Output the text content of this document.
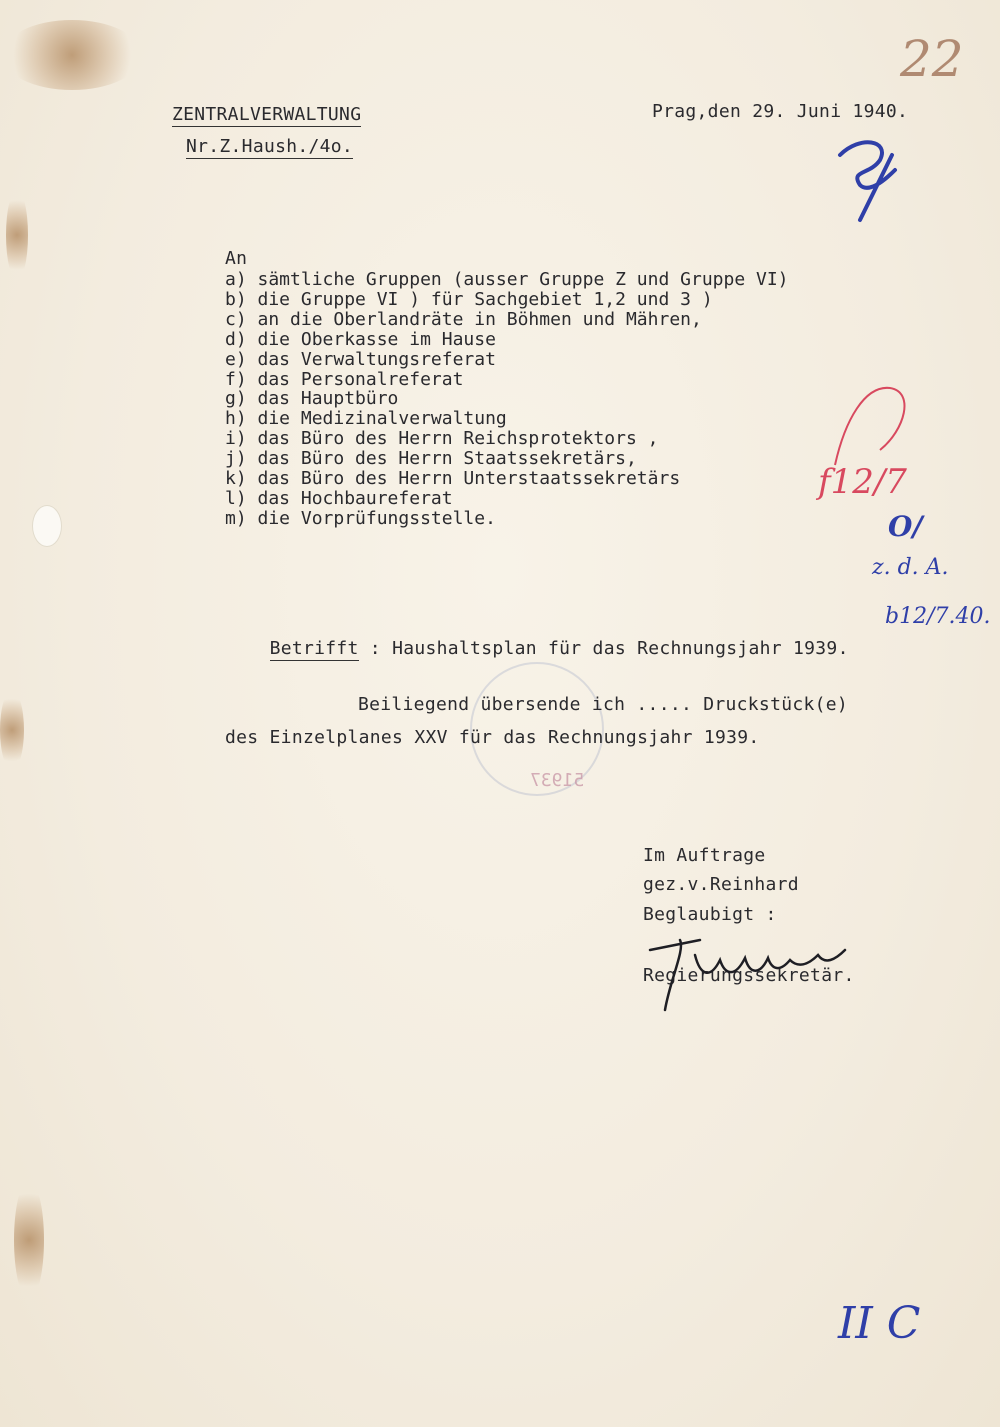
ZENTRALVERWALTUNG
Nr.Z.Haush./4o.
Prag,den 29. Juni 1940.
22
An
a) sämtliche Gruppen (ausser Gruppe Z und Gruppe VI)
b) die Gruppe VI ) für Sachgebiet 1,2 und 3 )
c) an die Oberlandräte in Böhmen und Mähren,
d) die Oberkasse im Hause
e) das Verwaltungsreferat
f) das Personalreferat
g) das Hauptbüro
h) die Medizinalverwaltung
i) das Büro des Herrn Reichsprotektors ,
j) das Büro des Herrn Staatssekretärs,
k) das Büro des Herrn Unterstaatssekretärs
l) das Hochbaureferat
m) die Vorprüfungsstelle.
f12/7
O/
z. d. A.
b12/7.40.

Betrifft : Haushaltsplan für das Rechnungsjahr 1939.

Beiliegend übersende ich ..... Druckstück(e)
des Einzelplanes XXV für das Rechnungsjahr 1939.
51937
Im Auftrage
gez.v.Reinhard
Beglaubigt :
Regierungssekretär.
II C
